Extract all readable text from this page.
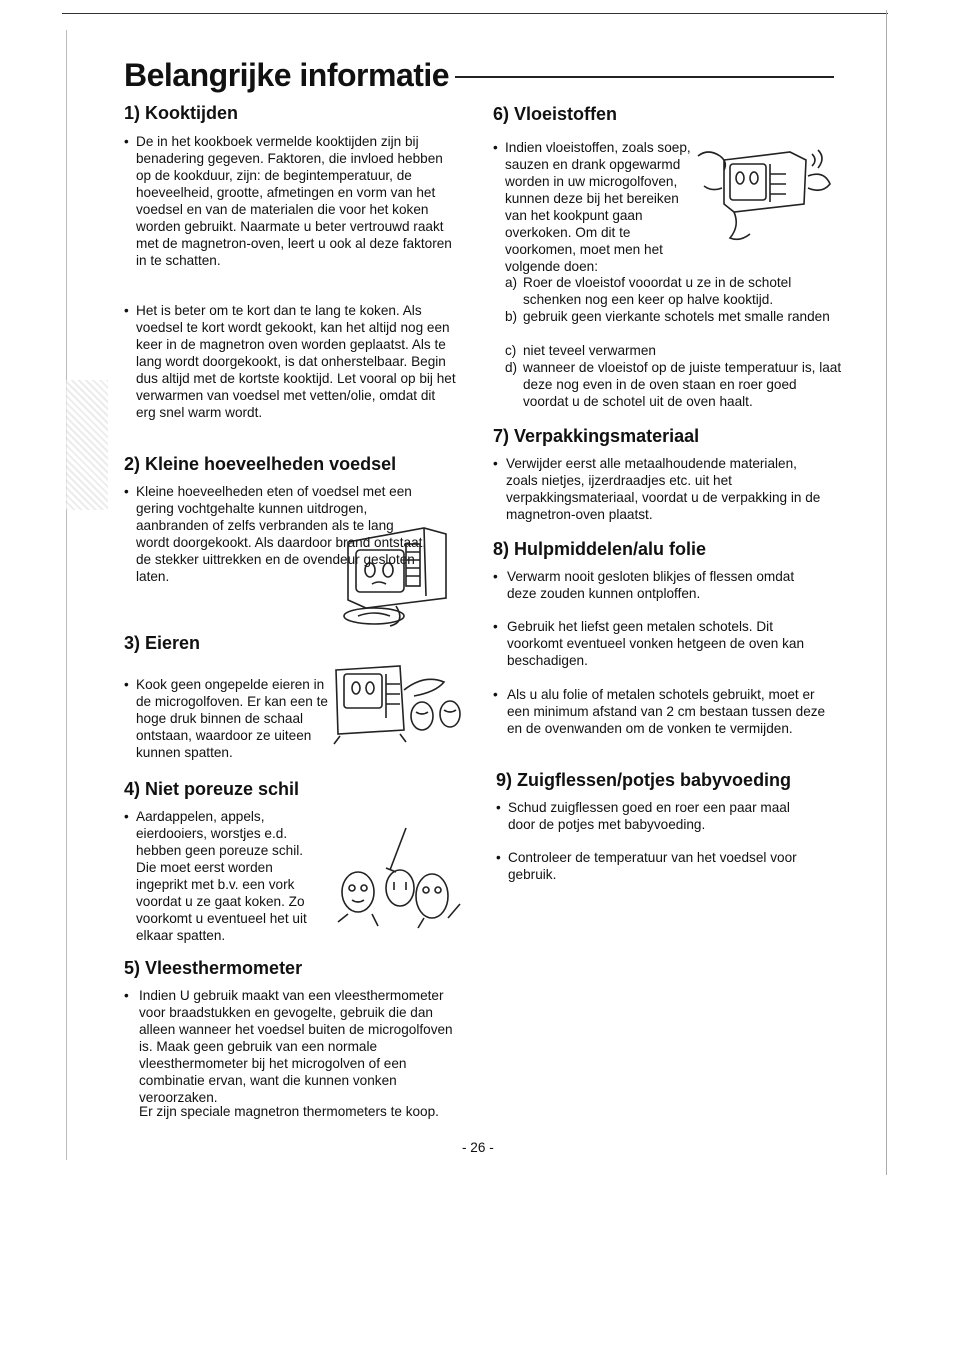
Belangrijke informatie
1) Kooktijden
• De in het kookboek vermelde kooktijden zijn bij benadering gegeven. Faktoren, die invloed hebben op de kookduur, zijn: de begintemperatuur, de hoeveelheid, grootte, afmetingen en vorm van het voedsel en van de materialen die voor het koken worden gebruikt. Naarmate u beter vertrouwd raakt met de magnetron-oven, leert u ook al deze faktoren in te schatten.

• Het is beter om te kort dan te lang te koken. Als voedsel te kort wordt gekookt, kan het altijd nog een keer in de magnetron oven worden geplaatst. Als te lang wordt doorgekookt, is dat onherstelbaar. Begin dus altijd met de kortste kooktijd. Let vooral op bij het verwarmen van voedsel met vetten/olie, omdat dit erg snel warm wordt.

2) Kleine hoeveelheden voedsel
• Kleine hoeveelheden eten of voedsel met een gering vochtgehalte kunnen uitdrogen, aanbranden of zelfs verbranden als te lang wordt doorgekookt. Als daardoor brand ontstaat, de stekker uittrekken en de ovendeur gesloten laten.

3) Eieren
• Kook geen ongepelde eieren in de microgolfoven. Er kan een te hoge druk binnen de schaal ontstaan, waardoor ze uiteen kunnen spatten.

4) Niet poreuze schil
• Aardappelen, appels, eierdooiers, worstjes e.d. hebben geen poreuze schil. Die moet eerst worden ingeprikt met b.v. een vork voordat u ze gaat koken. Zo voorkomt u eventueel het uit elkaar spatten.

5) Vleesthermometer
• Indien U gebruik maakt van een vleesthermometer voor braadstukken en gevogelte, gebruik die dan alleen wanneer het voedsel buiten de microgolfoven is. Maak geen gebruik van een normale vleesthermometer bij het microgolven of een combinatie ervan, want die kunnen vonken veroorzaken.

Er zijn speciale magnetron thermometers te koop.

6) Vloeistoffen
• Indien vloeistoffen, zoals soep, sauzen en drank opgewarmd worden in uw microgolfoven, kunnen deze bij het bereiken van het kookpunt gaan overkoken. Om dit te voorkomen, moet men het volgende doen:

a) Roer de vloeistof vooordat u ze in de schotel schenken nog een keer op halve kooktijd.
b) gebruik geen vierkante schotels met smalle randen
c) niet teveel verwarmen
d) wanneer de vloeistof op de juiste temperatuur is, laat deze nog even in de oven staan en roer goed voordat u de schotel uit de oven haalt.
7) Verpakkingsmateriaal
• Verwijder eerst alle metaalhoudende materialen, zoals nietjes, ijzerdraadjes etc. uit het verpakkingsmateriaal, voordat u de verpakking in de magnetron-oven plaatst.

8) Hulpmiddelen/alu folie
• Verwarm nooit gesloten blikjes of flessen omdat deze zouden kunnen ontploffen.

• Gebruik het liefst geen metalen schotels. Dit voorkomt eventueel vonken hetgeen de oven kan beschadigen.

• Als u alu folie of metalen schotels gebruikt, moet er een minimum afstand van 2 cm bestaan tussen deze en de ovenwanden om de vonken te vermijden.

9) Zuigflessen/potjes babyvoeding
• Schud zuigflessen goed en roer een paar maal door de potjes met babyvoeding.

• Controleer de temperatuur van het voedsel voor gebruik.

- 26 -
